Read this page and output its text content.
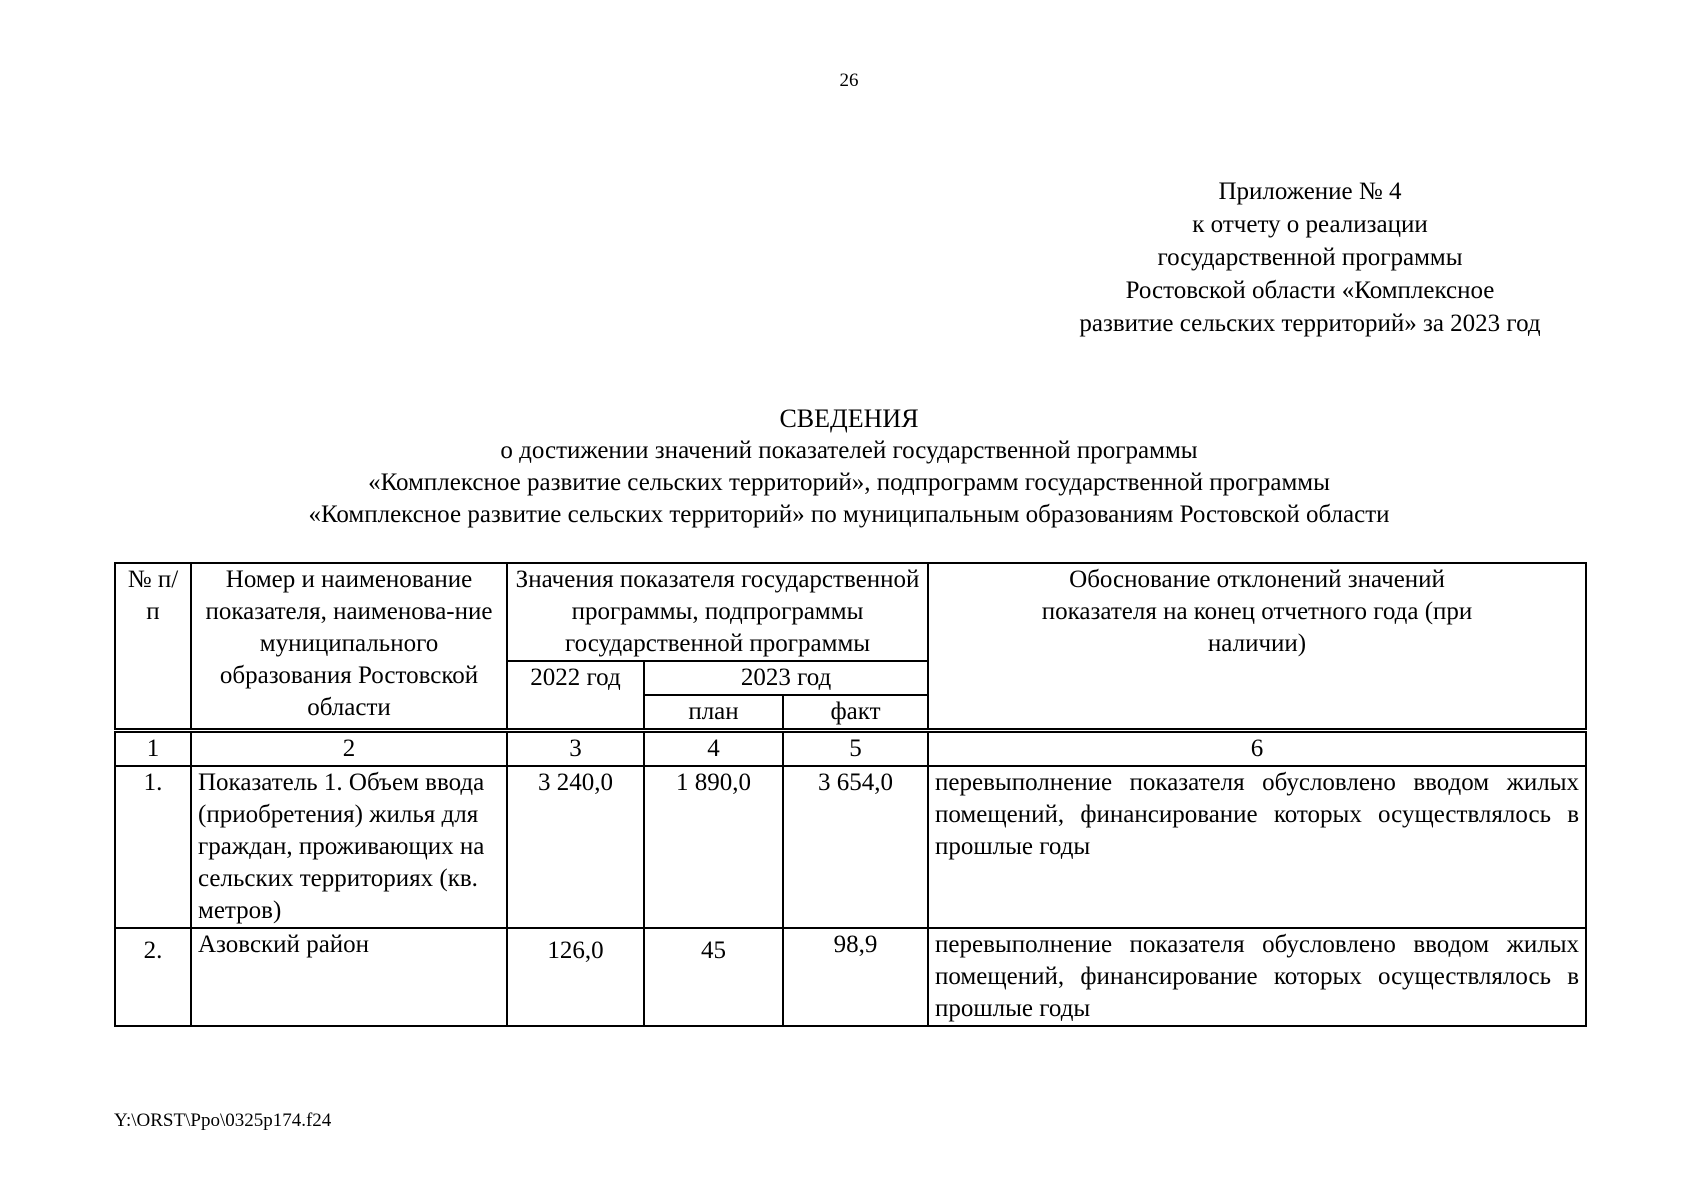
26
Приложение № 4
к отчету о реализации
государственной программы
Ростовской области «Комплексное
развитие сельских территорий» за 2023 год
СВЕДЕНИЯ
о достижении значений показателей государственной программы
«Комплексное развитие сельских территорий», подпрограмм государственной программы
«Комплексное развитие сельских территорий» по муниципальным образованиям Ростовской области
№ п/п	Номер и наименование показателя, наименова-ние муниципального образования Ростовской области	Значения показателя государственной программы, подпрограммы государственной программы			Обоснование отклонений значений показателя на конец отчетного года (при наличии)

		2022 год	2023 год		
			план	факт	
1	2	3	4	5	6
1.	Показатель 1. Объем ввода (приобретения) жилья для граждан, проживающих на сельских территориях (кв. метров)	3 240,0	1 890,0	3 654,0	перевыполнение показателя обусловлено вводом жилых помещений, финансирование которых осуществлялось в прошлые годы
2.	Азовский район	126,0	45	98,9	перевыполнение показателя обусловлено вводом жилых помещений, финансирование которых осуществлялось в прошлые годы
Y:\ORST\Ppo\0325p174.f24
